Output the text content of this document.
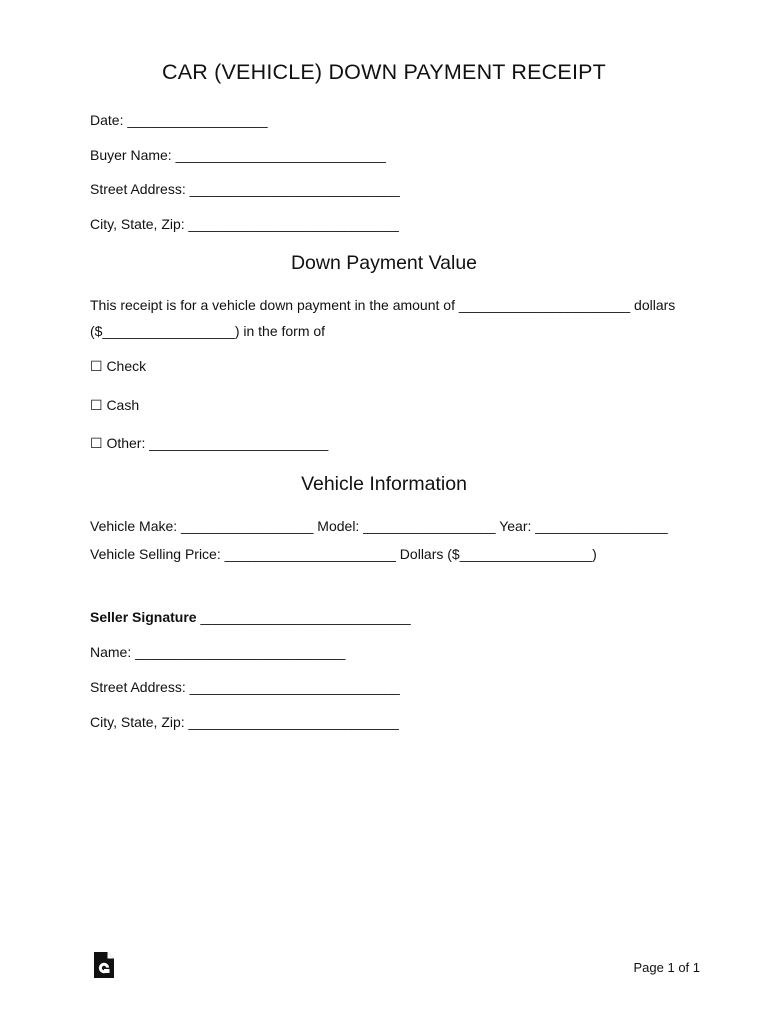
CAR (VEHICLE) DOWN PAYMENT RECEIPT
Date: __________________
Buyer Name: ___________________________
Street Address: ___________________________
City, State, Zip: ___________________________
Down Payment Value
This receipt is for a vehicle down payment in the amount of ______________________ dollars
($_________________) in the form of
☐ Check
☐ Cash
☐ Other: _______________________
Vehicle Information
Vehicle Make: _________________ Model: _________________ Year: _________________
Vehicle Selling Price: ______________________ Dollars ($_________________)
Seller Signature ___________________________
Name: ___________________________
Street Address: ___________________________
City, State, Zip: ___________________________
Page 1 of 1
